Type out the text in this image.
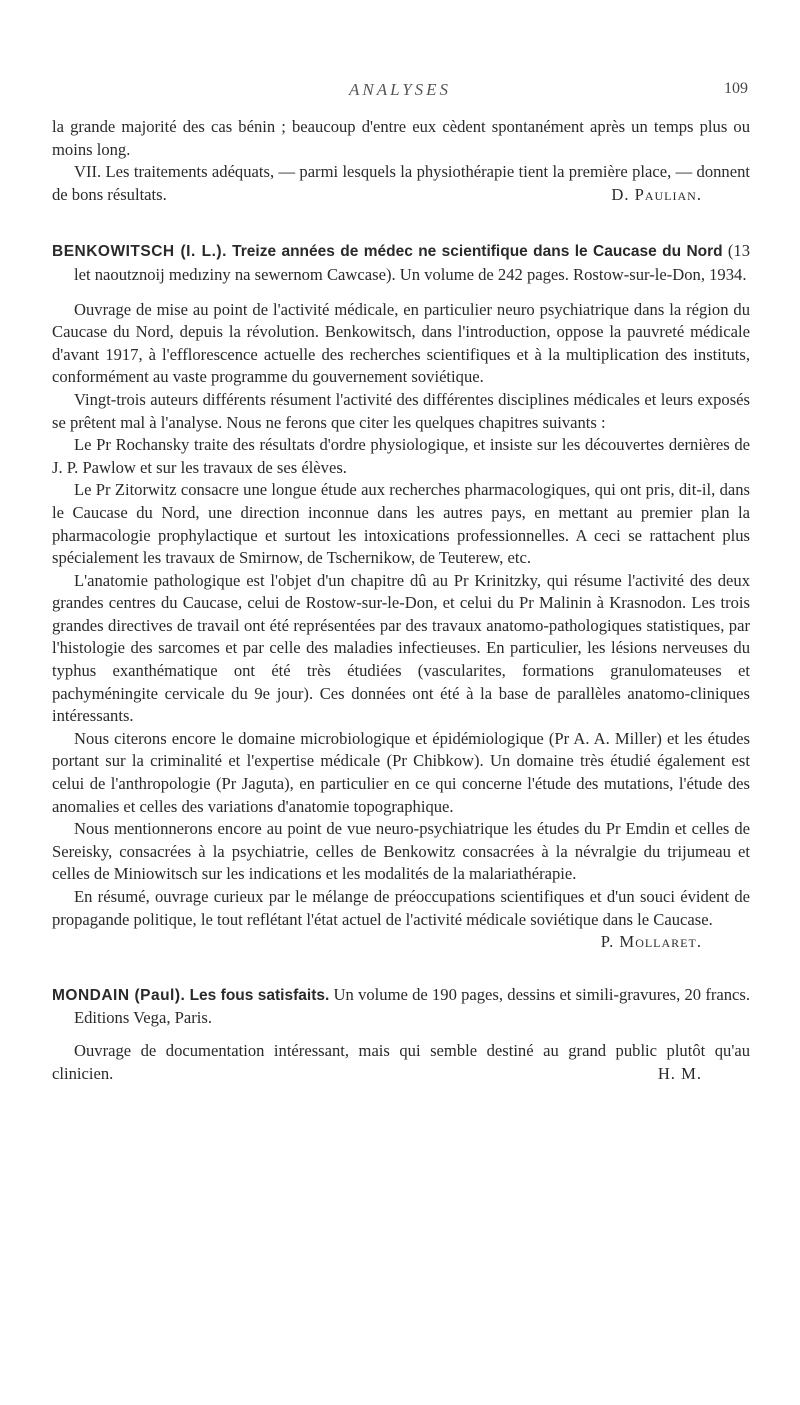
ANALYSES	109

la grande majorité des cas bénin ; beaucoup d'entre eux cèdent spontanément après un temps plus ou moins long.

VII. Les traitements adéquats, — parmi lesquels la physiothérapie tient la première place, — donnent de bons résultats.	D. Paulian.

BENKOWITSCH (I. L.). Treize années de médec ne scientifique dans le Caucase du Nord (13 let naoutznoij medıziny na sewernom Cawcase). Un volume de 242 pages. Rostow-sur-le-Don, 1934.

Ouvrage de mise au point de l'activité médicale, en particulier neuro psychiatrique dans la région du Caucase du Nord, depuis la révolution. Benkowitsch, dans l'introduction, oppose la pauvreté médicale d'avant 1917, à l'efflorescence actuelle des recherches scientifiques et à la multiplication des instituts, conformément au vaste programme du gouvernement soviétique.

Vingt-trois auteurs différents résument l'activité des différentes disciplines médicales et leurs exposés se prêtent mal à l'analyse. Nous ne ferons que citer les quelques chapitres suivants :

Le Pr Rochansky traite des résultats d'ordre physiologique, et insiste sur les découvertes dernières de J. P. Pawlow et sur les travaux de ses élèves.

Le Pr Zitorwitz consacre une longue étude aux recherches pharmacologiques, qui ont pris, dit-il, dans le Caucase du Nord, une direction inconnue dans les autres pays, en mettant au premier plan la pharmacologie prophylactique et surtout les intoxications professionnelles. A ceci se rattachent plus spécialement les travaux de Smirnow, de Tschernikow, de Teuterew, etc.

L'anatomie pathologique est l'objet d'un chapitre dû au Pr Krinitzky, qui résume l'activité des deux grandes centres du Caucase, celui de Rostow-sur-le-Don, et celui du Pr Malinin à Krasnodon. Les trois grandes directives de travail ont été représentées par des travaux anatomo-pathologiques statistiques, par l'histologie des sarcomes et par celle des maladies infectieuses. En particulier, les lésions nerveuses du typhus exanthématique ont été très étudiées (vascularites, formations granulomateuses et pachyméningite cervicale du 9e jour). Ces données ont été à la base de parallèles anatomo-cliniques intéressants.

Nous citerons encore le domaine microbiologique et épidémiologique (Pr A. A. Miller) et les études portant sur la criminalité et l'expertise médicale (Pr Chibkow). Un domaine très étudié également est celui de l'anthropologie (Pr Jaguta), en particulier en ce qui concerne l'étude des mutations, l'étude des anomalies et celles des variations d'anatomie topographique.

Nous mentionnerons encore au point de vue neuro-psychiatrique les études du Pr Emdin et celles de Sereisky, consacrées à la psychiatrie, celles de Benkowitz consacrées à la névralgie du trijumeau et celles de Miniowitsch sur les indications et les modalités de la malariathérapie.

En résumé, ouvrage curieux par le mélange de préoccupations scientifiques et d'un souci évident de propagande politique, le tout reflétant l'état actuel de l'activité médicale soviétique dans le Caucase.
P. Mollaret.

MONDAIN (Paul). Les fous satisfaits. Un volume de 190 pages, dessins et simili-gravures, 20 francs. Editions Vega, Paris.

Ouvrage de documentation intéressant, mais qui semble destiné au grand public plutôt qu'au clinicien.	H. M.
